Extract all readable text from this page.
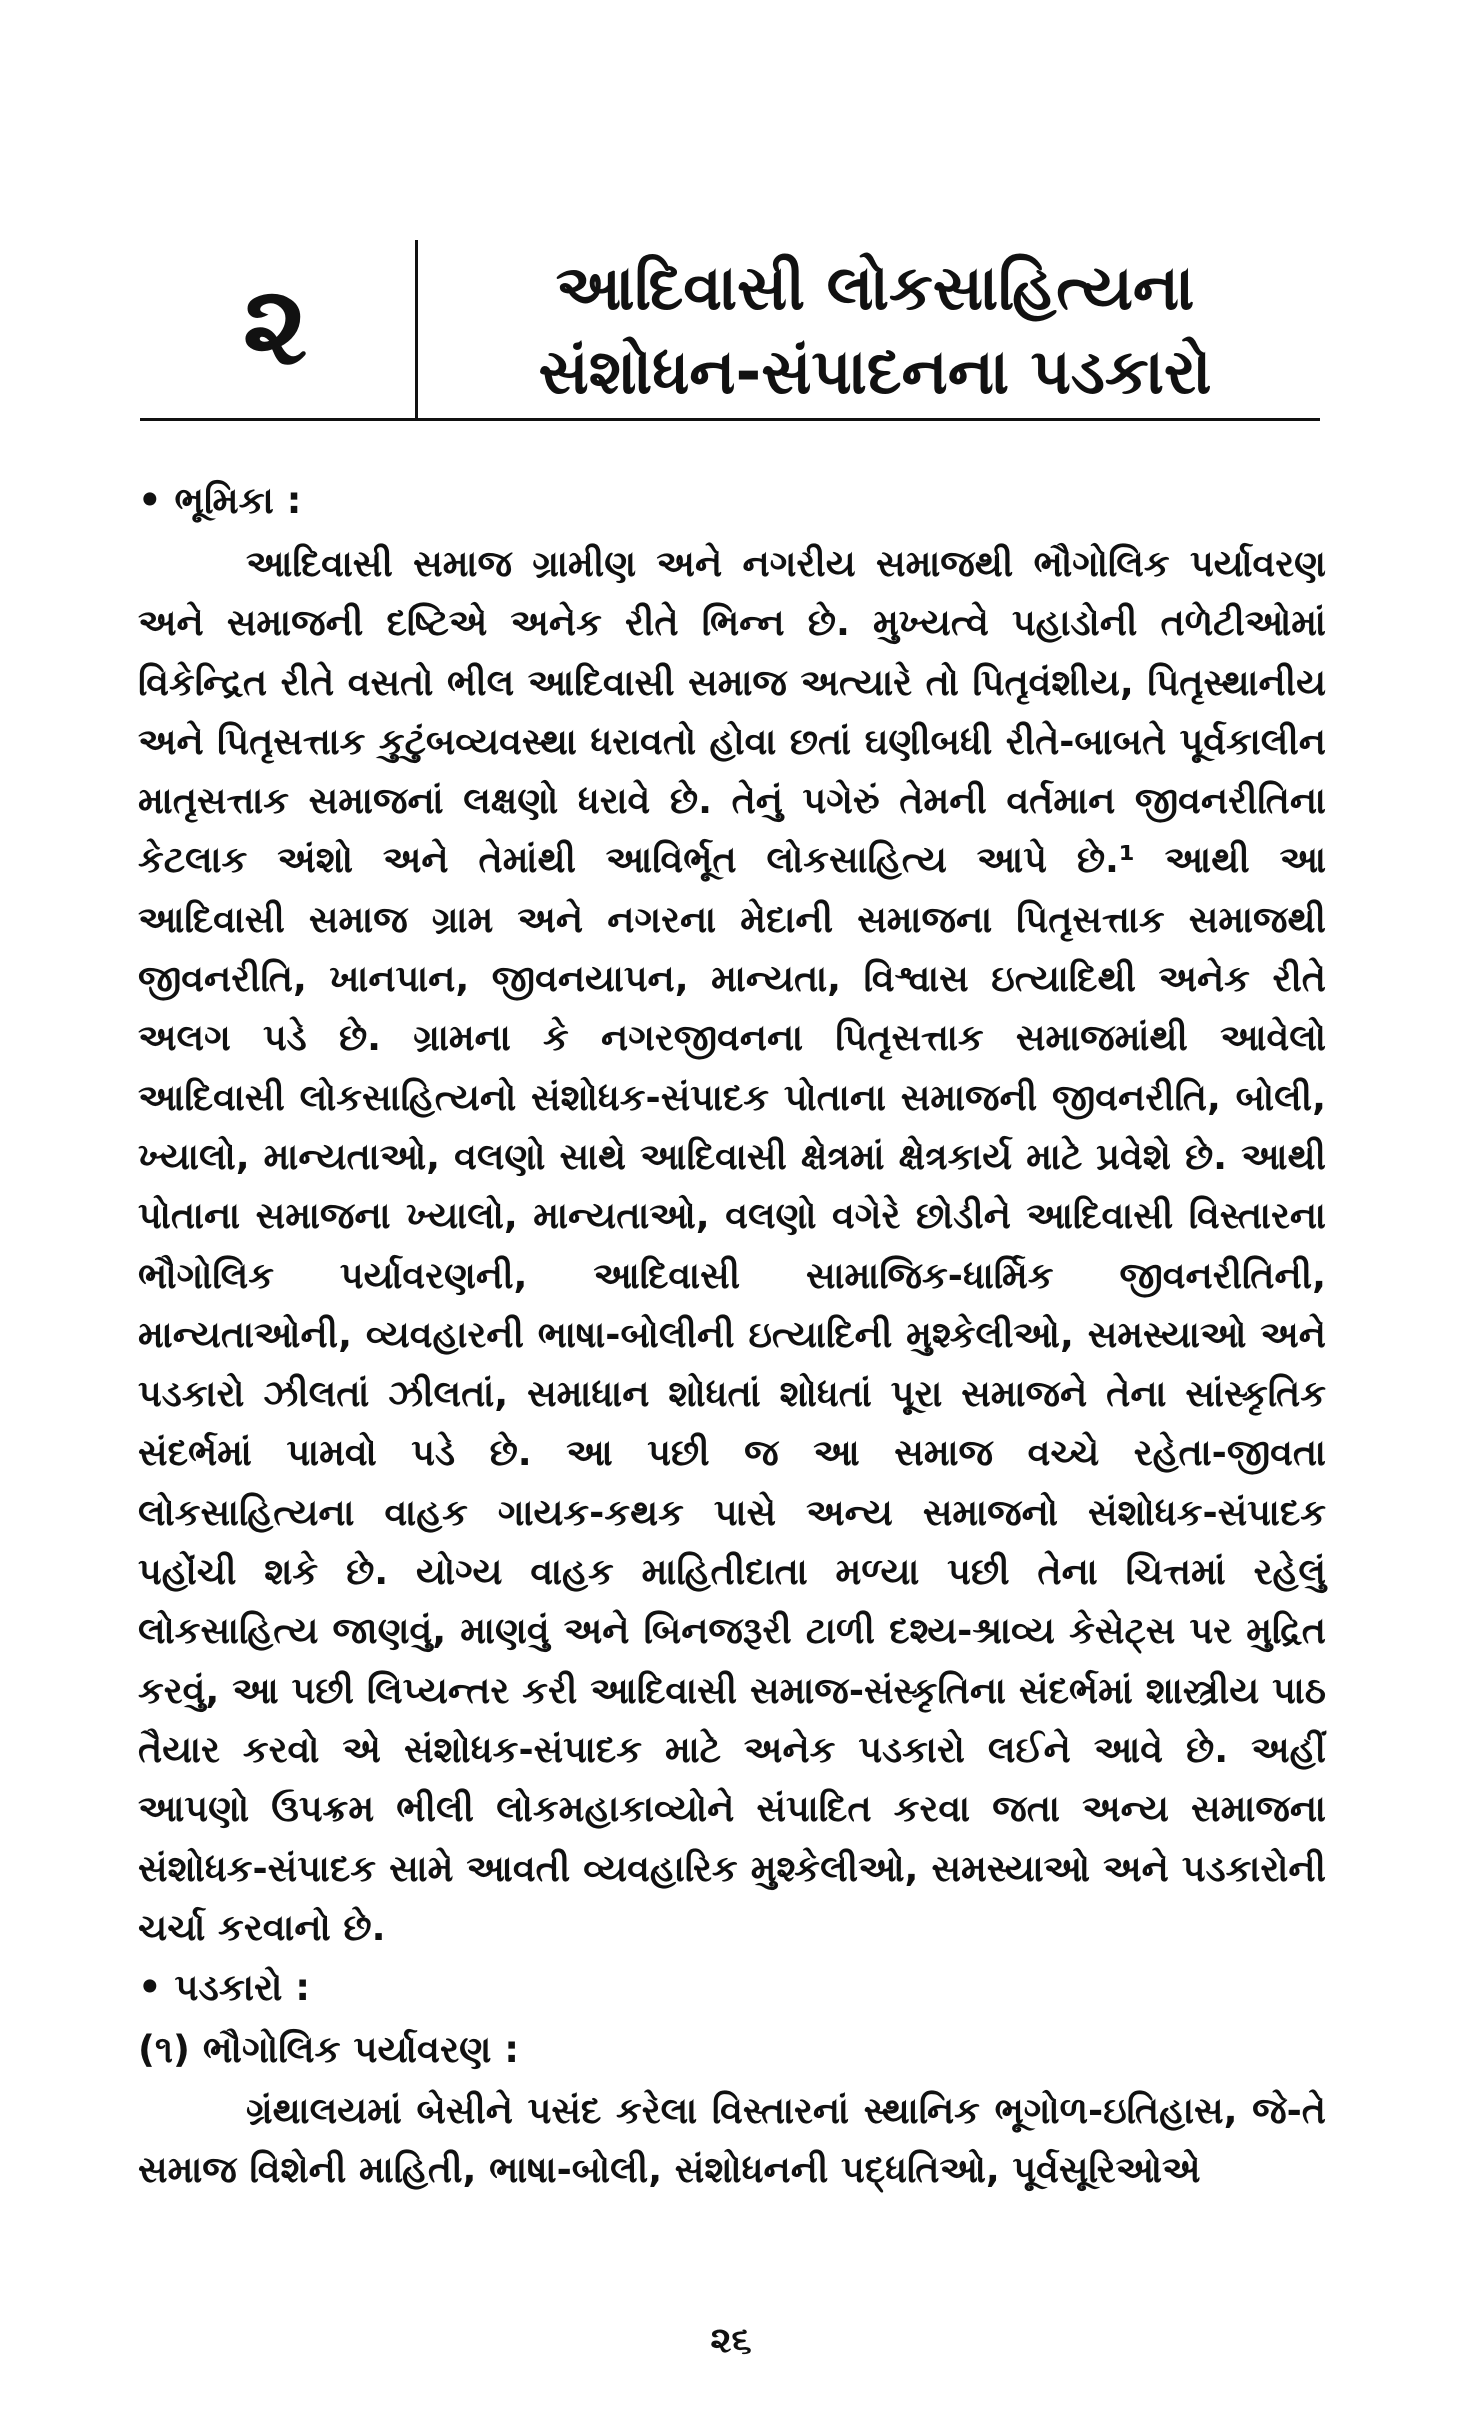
૨	આદિવાસી લોકસાહિત્યના
સંશોધન-સંપાદનના પડકારો

• ભૂમિકા :

આદિવાસી સમાજ ગ્રામીણ અને નગરીય સમાજથી ભૌગોલિક પર્યાવરણ અને સમાજની દષ્ટિએ અનેક રીતે ભિન્ન છે. મુખ્યત્વે પહાડોની તળેટીઓમાં વિકેન્દ્રિત રીતે વસતો ભીલ આદિવાસી સમાજ અત્યારે તો પિતૃવંશીય, પિતૃસ્થાનીય અને પિતૃસત્તાક કુટુંબવ્યવસ્થા ધરાવતો હોવા છતાં ઘણીબધી રીતે-બાબતે પૂર્વકાલીન માતૃસત્તાક સમાજનાં લક્ષણો ધરાવે છે. તેનું પગેરું તેમની વર્તમાન જીવનરીતિના કેટલાક અંશો અને તેમાંથી આવિર્ભૂત લોકસાહિત્ય આપે છે.¹ આથી આ આદિવાસી સમાજ ગ્રામ અને નગરના મેદાની સમાજના પિતૃસત્તાક સમાજથી જીવનરીતિ, ખાનપાન, જીવનયાપન, માન્યતા, વિશ્વાસ ઇત્યાદિથી અનેક રીતે અલગ પડે છે. ગ્રામના કે નગરજીવનના પિતૃસત્તાક સમાજમાંથી આવેલો આદિવાસી લોકસાહિત્યનો સંશોધક-સંપાદક પોતાના સમાજની જીવનરીતિ, બોલી, ખ્યાલો, માન્યતાઓ, વલણો સાથે આદિવાસી ક્ષેત્રમાં ક્ષેત્રકાર્ય માટે પ્રવેશે છે. આથી પોતાના સમાજના ખ્યાલો, માન્યતાઓ, વલણો વગેરે છોડીને આદિવાસી વિસ્તારના ભૌગોલિક પર્યાવરણની, આદિવાસી સામાજિક-ધાર્મિક જીવનરીતિની, માન્યતાઓની, વ્યવહારની ભાષા-બોલીની ઇત્યાદિની મુશ્કેલીઓ, સમસ્યાઓ અને પડકારો ઝીલતાં ઝીલતાં, સમાધાન શોધતાં શોધતાં પૂરા સમાજને તેના સાંસ્કૃતિક સંદર્ભમાં પામવો પડે છે. આ પછી જ આ સમાજ વચ્ચે રહેતા-જીવતા લોકસાહિત્યના વાહક ગાયક-કથક પાસે અન્ય સમાજનો સંશોધક-સંપાદક પહોંચી શકે છે. યોગ્ય વાહક માહિતીદાતા મળ્યા પછી તેના ચિત્તમાં રહેલું લોકસાહિત્ય જાણવું, માણવું અને બિનજરૂરી ટાળી દશ્ય-શ્રાવ્ય કેસેટ્સ પર મુદ્રિત કરવું, આ પછી લિપ્યન્તર કરી આદિવાસી સમાજ-સંસ્કૃતિના સંદર્ભમાં શાસ્ત્રીય પાઠ તૈયાર કરવો એ સંશોધક-સંપાદક માટે અનેક પડકારો લઈને આવે છે. અહીં આપણો ઉપક્રમ ભીલી લોકમહાકાવ્યોને સંપાદિત કરવા જતા અન્ય સમાજના સંશોધક-સંપાદક સામે આવતી વ્યવહારિક મુશ્કેલીઓ, સમસ્યાઓ અને પડકારોની ચર્ચા કરવાનો છે.

• પડકારો :

(૧) ભૌગોલિક પર્યાવરણ :

ગ્રંથાલયમાં બેસીને પસંદ કરેલા વિસ્તારનાં સ્થાનિક ભૂગોળ-ઇતિહાસ, જે-તે સમાજ વિશેની માહિતી, ભાષા-બોલી, સંશોધનની પદ્ધતિઓ, પૂર્વસૂરિઓએ

૨૬
